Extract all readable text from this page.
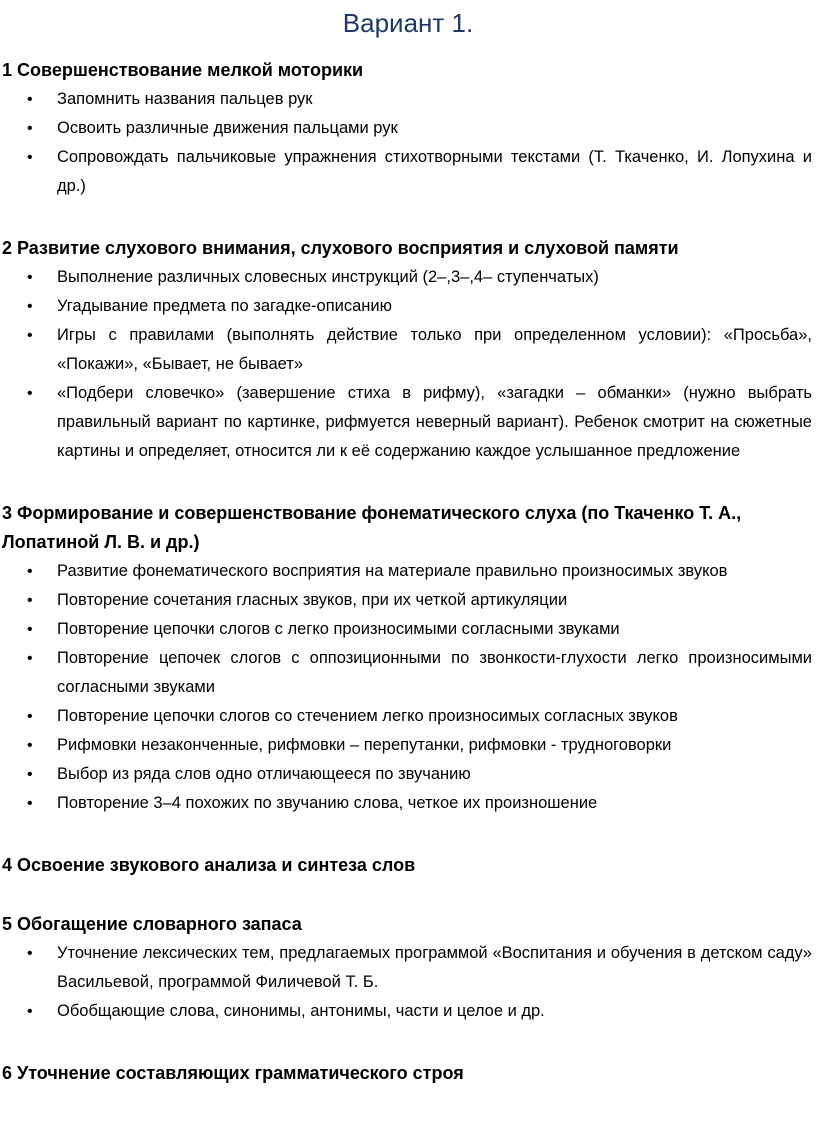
Вариант 1.

1 Совершенствование мелкой моторики

• Запомнить названия пальцев рук
• Освоить различные движения пальцами рук
• Сопровождать пальчиковые упражнения стихотворными текстами (Т. Ткаченко, И. Лопухина и др.)

2 Развитие слухового внимания, слухового восприятия и слуховой памяти

• Выполнение различных словесных инструкций (2–,3–,4– ступенчатых)
• Угадывание предмета по загадке-описанию
• Игры с правилами (выполнять действие только при определенном условии): «Просьба», «Покажи», «Бывает, не бывает»
• «Подбери словечко» (завершение стиха в рифму), «загадки – обманки» (нужно выбрать правильный вариант по картинке, рифмуется неверный вариант). Ребенок смотрит на сюжетные картины и определяет, относится ли к её содержанию каждое услышанное предложение

3 Формирование и совершенствование фонематического слуха (по Ткаченко Т. А., Лопатиной Л. В. и др.)

• Развитие фонематического восприятия на материале правильно произносимых звуков
• Повторение сочетания гласных звуков, при их четкой артикуляции
• Повторение цепочки слогов с легко произносимыми согласными звуками
• Повторение цепочек слогов с оппозиционными по звонкости-глухости легко произносимыми согласными звуками
• Повторение цепочки слогов со стечением легко произносимых согласных звуков
• Рифмовки незаконченные, рифмовки – перепутанки, рифмовки - трудноговорки
• Выбор из ряда слов одно отличающееся по звучанию
• Повторение 3–4 похожих по звучанию слова, четкое их произношение

4 Освоение звукового анализа и синтеза слов

5 Обогащение словарного запаса

• Уточнение лексических тем, предлагаемых программой «Воспитания и обучения в детском саду» Васильевой, программой Филичевой Т. Б.
• Обобщающие слова, синонимы, антонимы, части и целое и др.

6 Уточнение составляющих грамматического строя
